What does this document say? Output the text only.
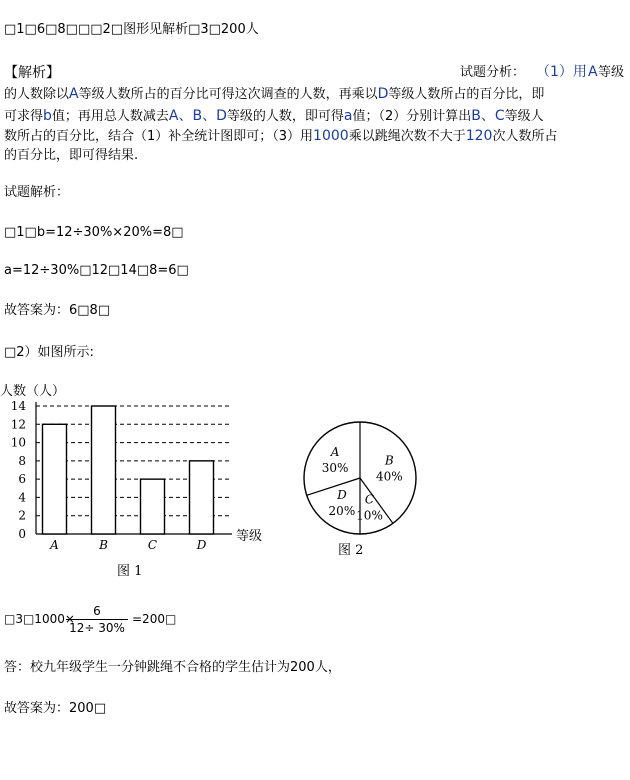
□1□6□8□□□2□图形见解析□3□200人
【解析】	试题分析： （1）用 A 等级
的人数除以A等级人数所占的百分比可得这次调查的人数，再乘以D等级人数所占的百分比，即
可求得b值；再用总人数减去A、B、D等级的人数，即可得a值；（2）分别计算出B、C等级人
数所占的百分比，结合（1）补全统计图即可；（3）用1000乘以跳绳次数不大于120次人数所占
的百分比，即可得结果.
试题解析：
□1□b=12÷30%×20%=8□
a=12÷30%□12□14□8=6□
故答案为：6□8□
□2）如图所示:
人数（人）
等级
图 1
0
2
4
6
8
10
12
14
A	B	C	D
B
40%
C
10%
D
20%
A
30%
图 2
□3□1000×
6
12÷ 30%
=200□
答：校九年级学生一分钟跳绳不合格的学生估计为200人，
故答案为：200□
